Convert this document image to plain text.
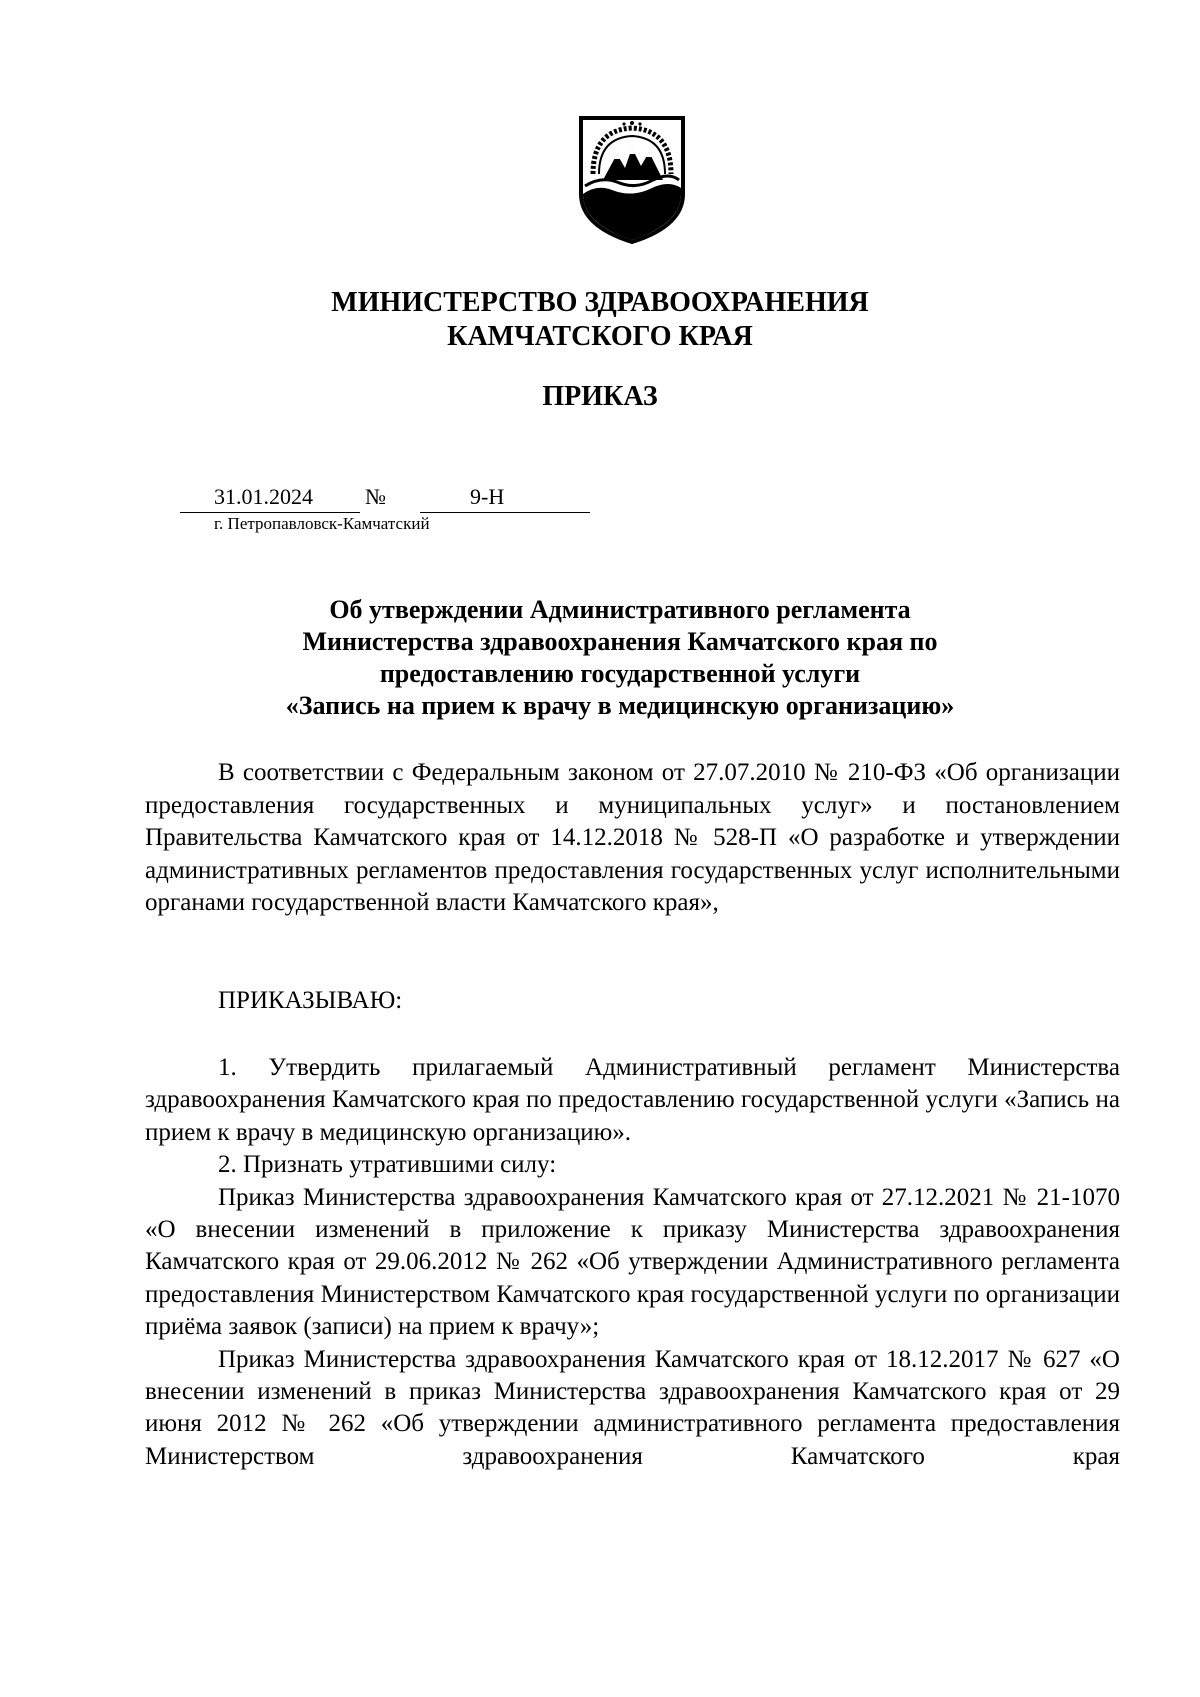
МИНИСТЕРСТВО ЗДРАВООХРАНЕНИЯ
КАМЧАТСКОГО КРАЯ
ПРИКАЗ
31.01.2024 №	9-Н
г. Петропавловск-Камчатский
Об утверждении Административного регламента
Министерства здравоохранения Камчатского края по
предоставлению государственной услуги
«Запись на прием к врачу в медицинскую организацию»

В соответствии с Федеральным законом от 27.07.2010 № 210-ФЗ «Об организации предоставления государственных и муниципальных услуг» и постановлением Правительства Камчатского края от 14.12.2018 № 528-П «О разработке и утверждении административных регламентов предоставления государственных услуг исполнительными органами государственной власти Камчатского края»,

ПРИКАЗЫВАЮ:

1. Утвердить прилагаемый Административный регламент Министерства здравоохранения Камчатского края по предоставлению государственной услуги «Запись на прием к врачу в медицинскую организацию».

2. Признать утратившими силу:

Приказ Министерства здравоохранения Камчатского края от 27.12.2021 № 21-1070 «О внесении изменений в приложение к приказу Министерства здравоохранения Камчатского края от 29.06.2012 № 262 «Об утверждении Административного регламента предоставления Министерством Камчатского края государственной услуги по организации приёма заявок (записи) на прием к врачу»;

Приказ Министерства здравоохранения Камчатского края от 18.12.2017 № 627 «О внесении изменений в приказ Министерства здравоохранения Камчатского края от 29 июня 2012 № 262 «Об утверждении административного регламента предоставления Министерством здравоохранения Камчатского края
